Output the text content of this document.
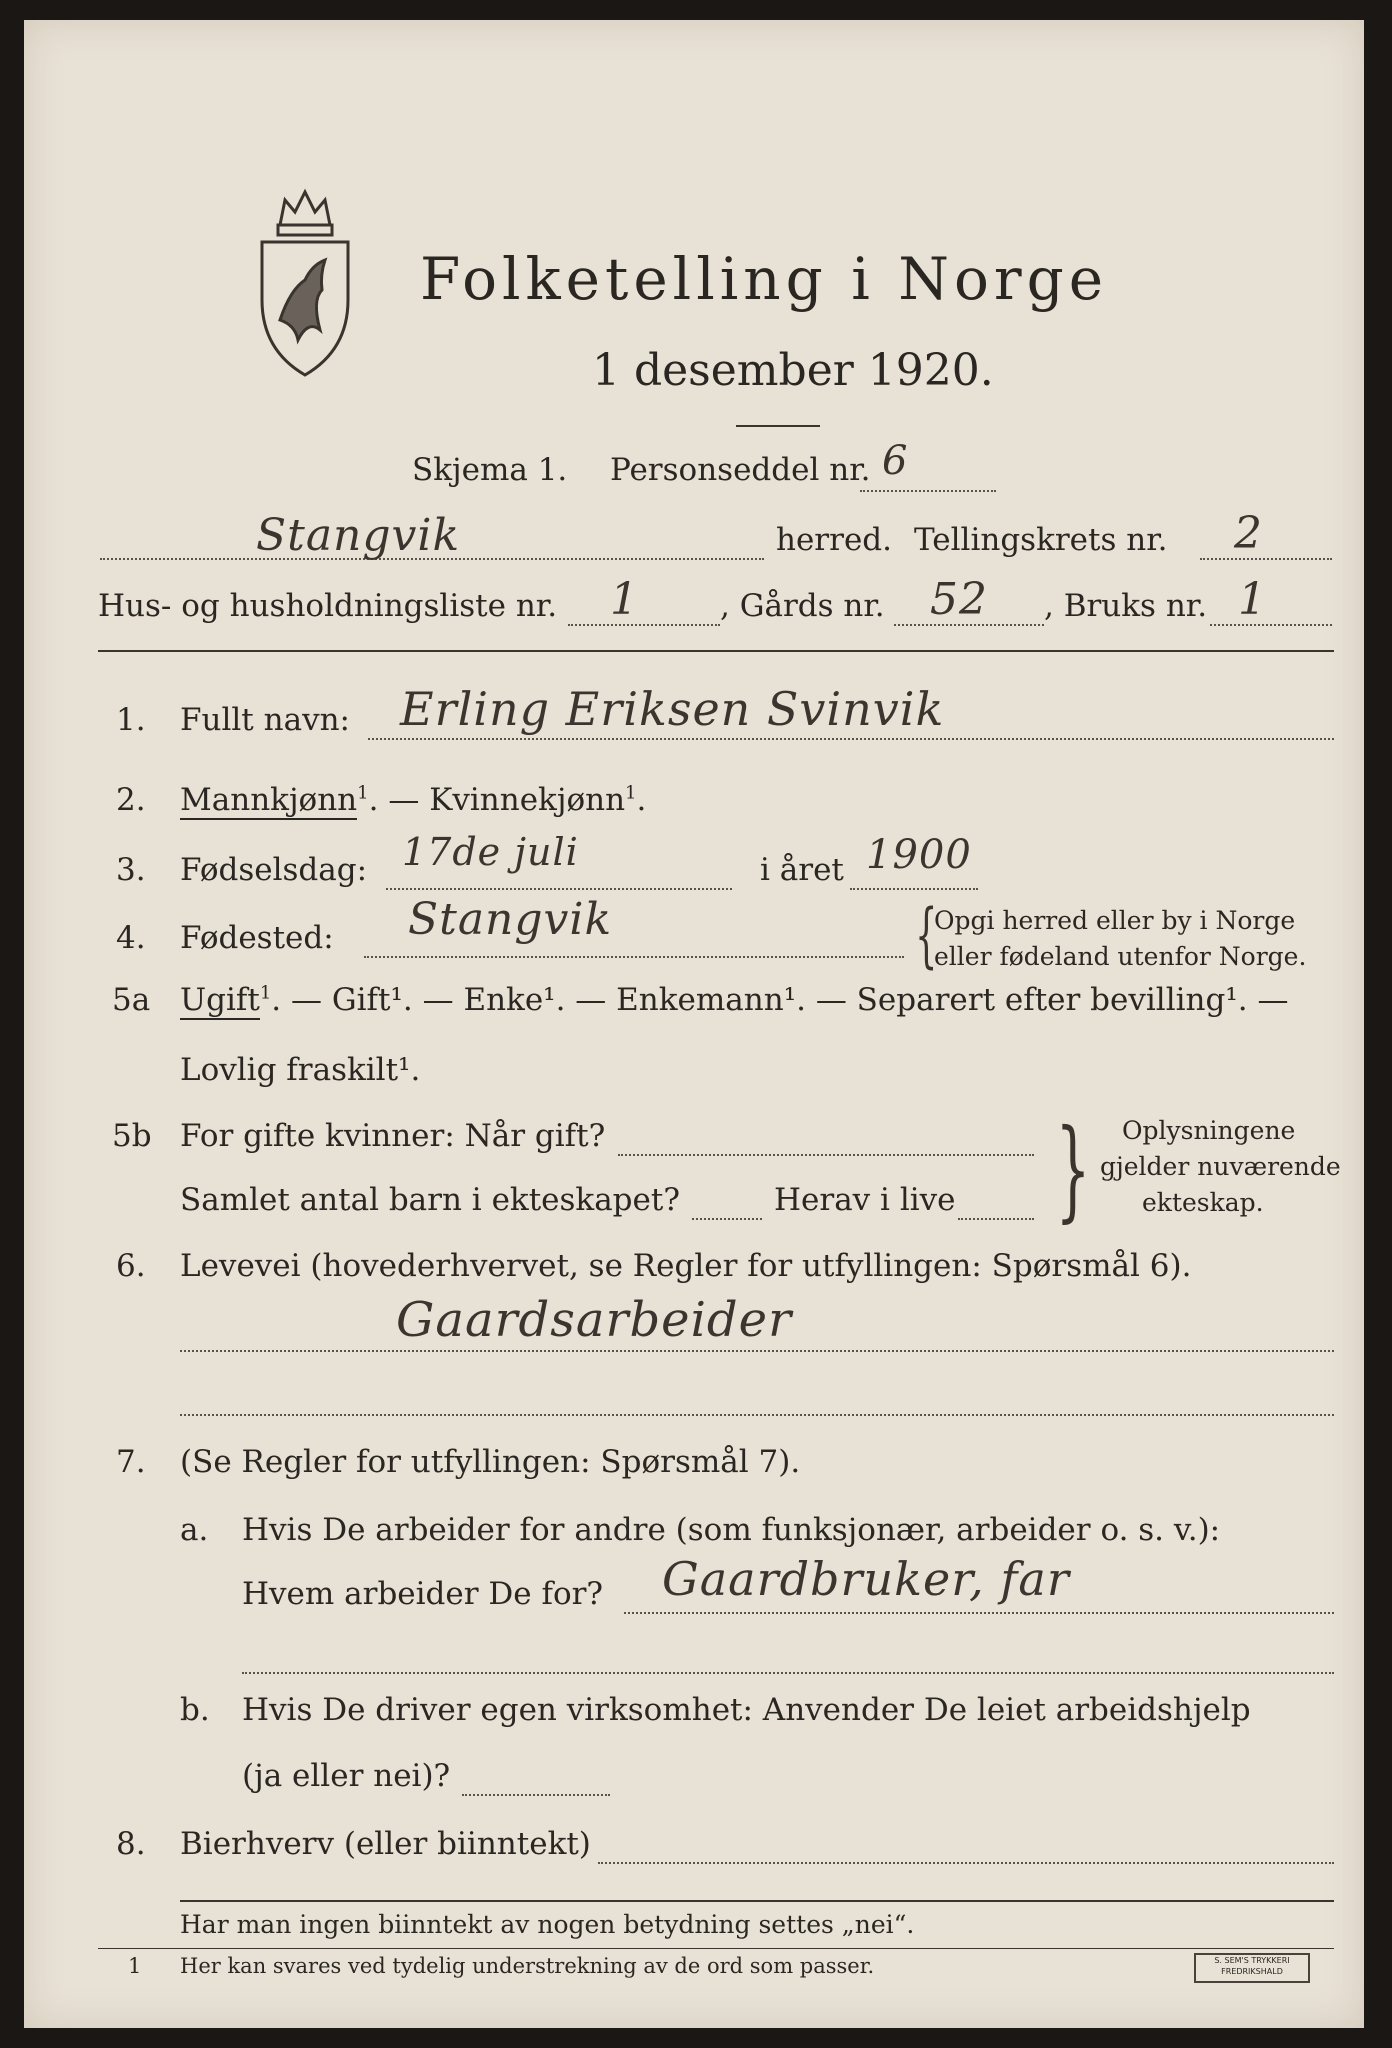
Folketelling i Norge
1 desember 1920.
Skjema 1. Personseddel nr. 6
Stangvik	herred. Tellingskrets nr. 2
Hus- og husholdningsliste nr. 1	, Gårds nr. 52 , Bruks nr. 1
1. Fullt navn: Erling Eriksen Svinvik
2. Mannkjønn$^1$. — Kvinnekjønn$^1$.
3. Fødselsdag: 17de juli	i året 1900
4. Fødested: Stangvik	{
Opgi herred eller by i Norge
eller fødeland utenfor Norge.
5a Ugift$^1$. — Gift¹. — Enke¹. — Enkemann¹. — Separert efter bevilling¹. —
Lovlig fraskilt¹.
5b For gifte kvinner: Når gift?
Samlet antal barn i ekteskapet?	Herav i live } Oplysningene
gjelder nuværende
ekteskap.
6. Levevei (hovederhvervet, se Regler for utfyllingen: Spørsmål 6).
Gaardsarbeider
7. (Se Regler for utfyllingen: Spørsmål 7).
a. Hvis De arbeider for andre (som funksjonær, arbeider o. s. v.):
Hvem arbeider De for? Gaardbruker, far
b. Hvis De driver egen virksomhet: Anvender De leiet arbeidshjelp
(ja eller nei)?
8. Bierhverv (eller biinntekt)
Har man ingen biinntekt av nogen betydning settes „nei“.
1 Her kan svares ved tydelig understrekning av de ord som passer.	S. SEM'S TRYKKERI
FREDRIKSHALD
